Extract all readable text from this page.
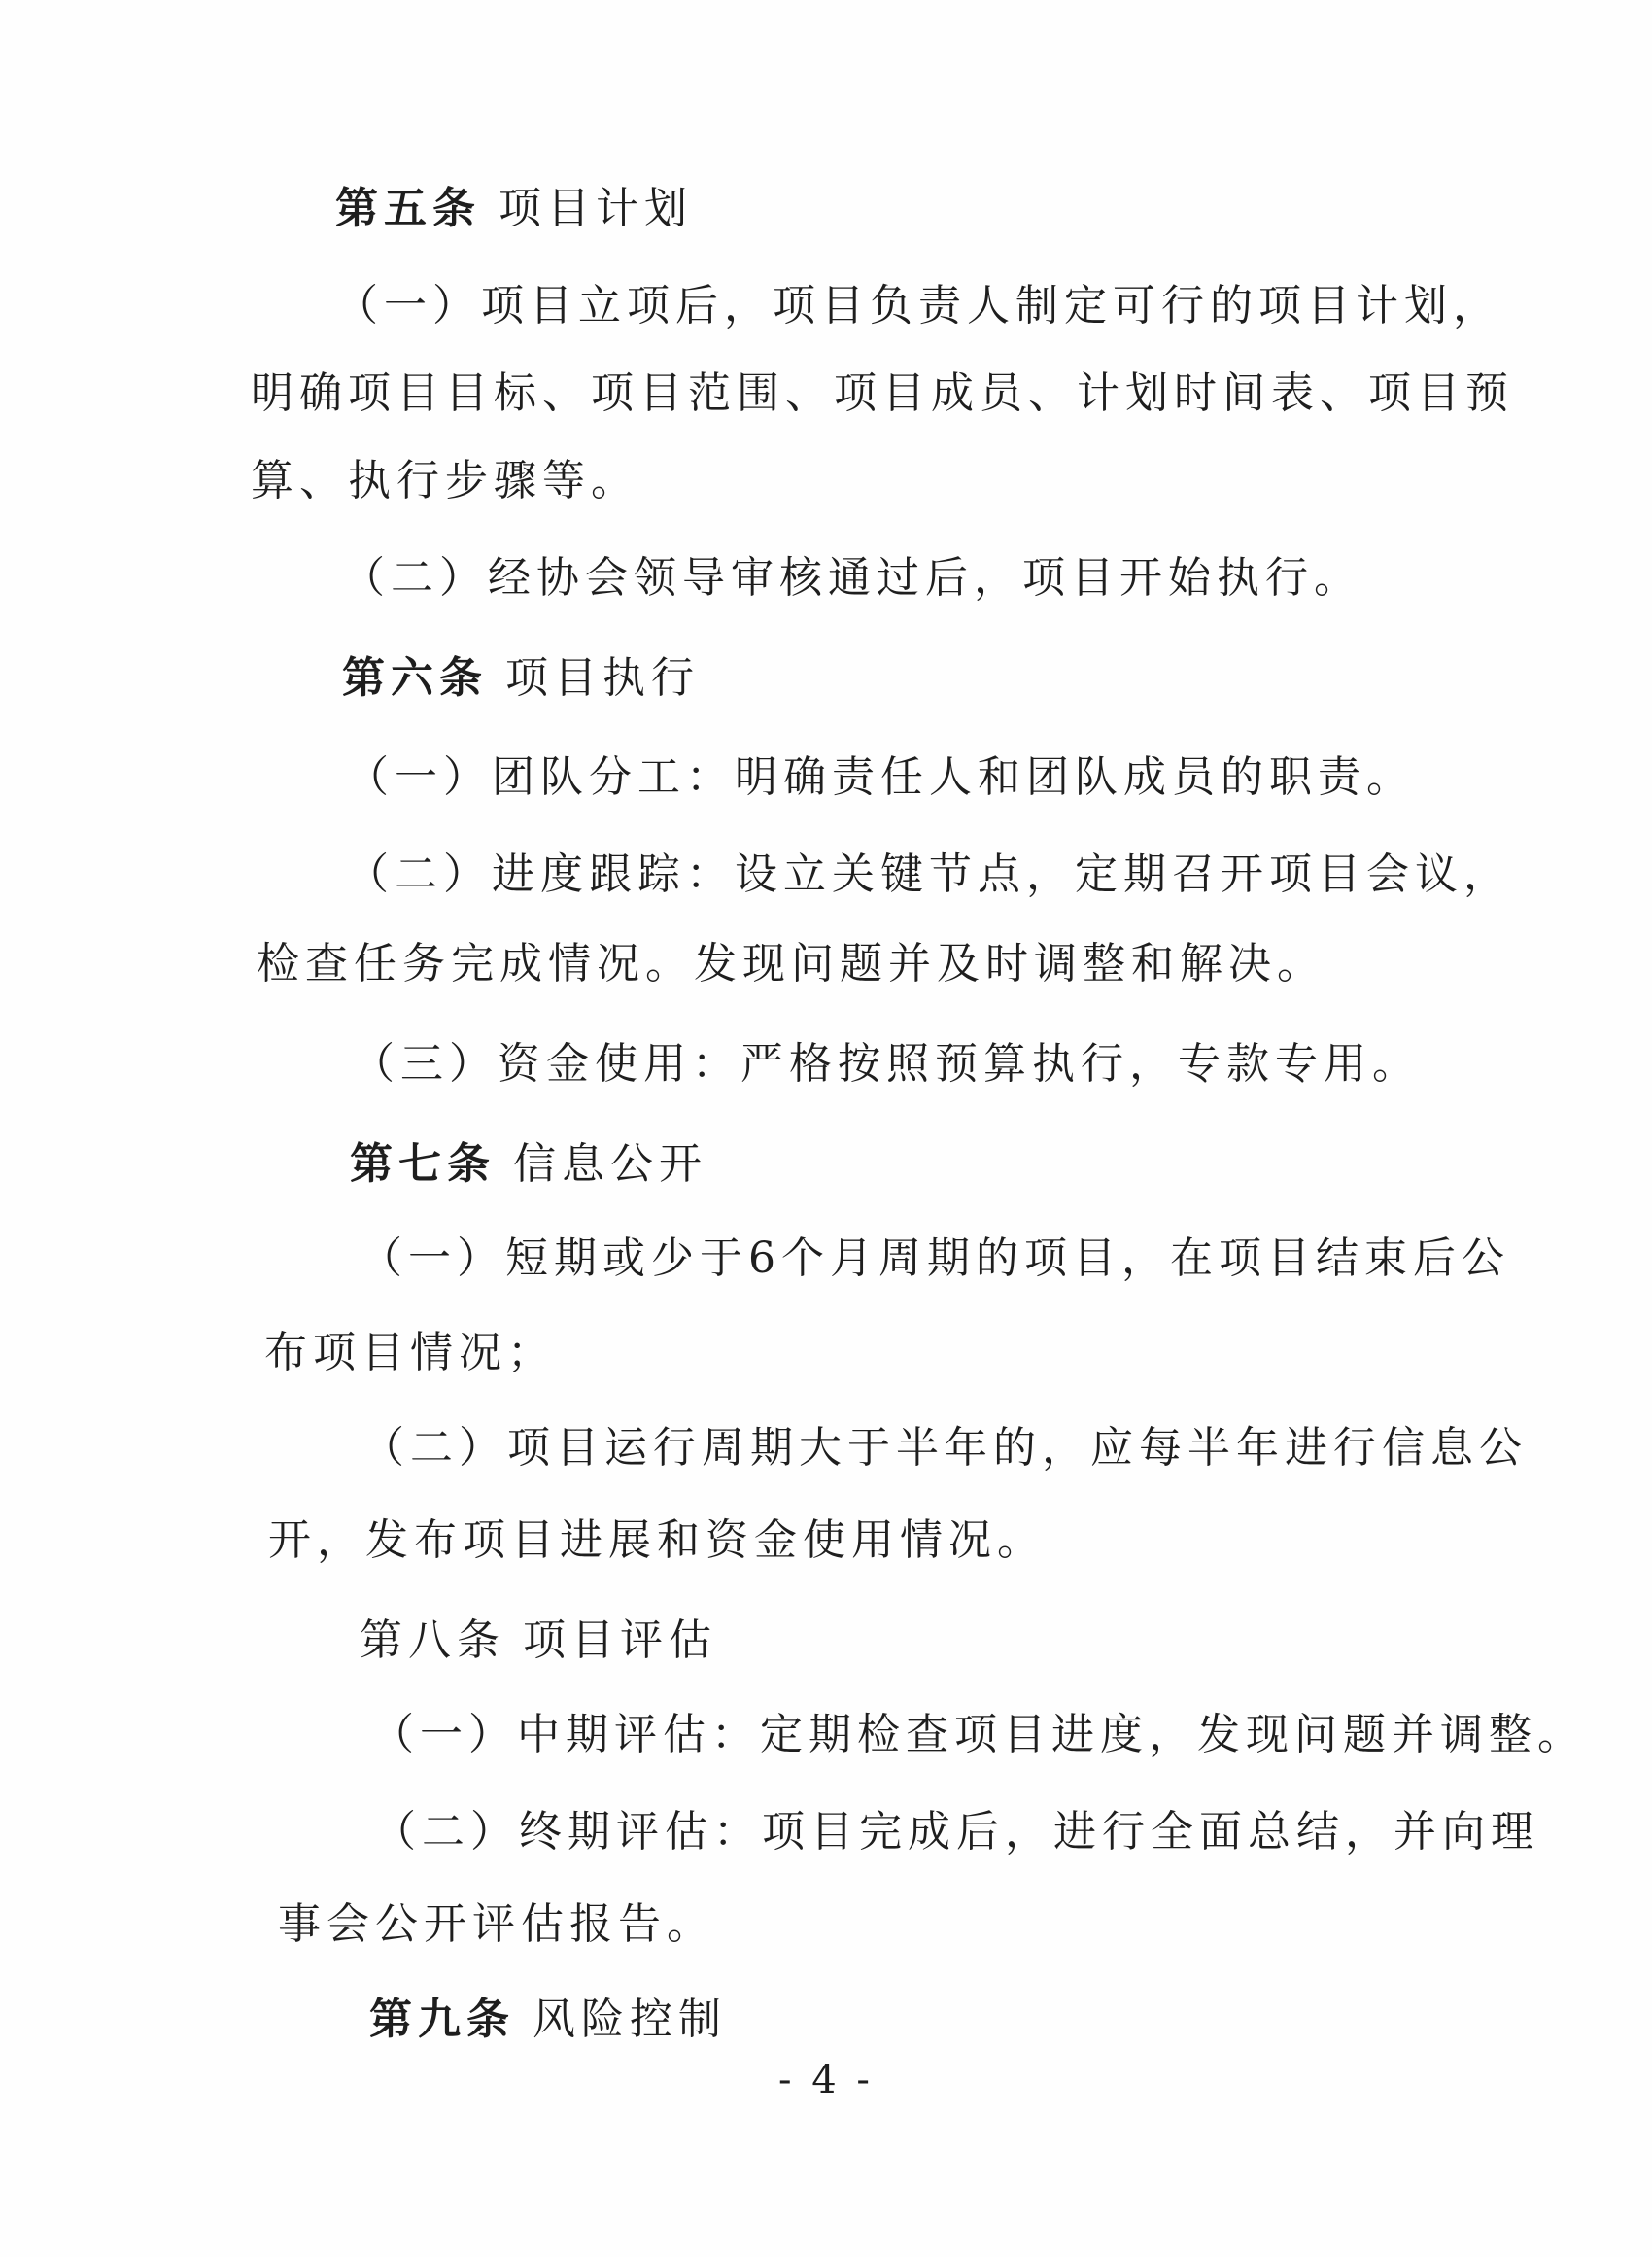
第五条 项目计划
（一）项目立项后，项目负责人制定可行的项目计划，
明确项目目标、项目范围、项目成员、计划时间表、项目预
算、执行步骤等。
（二）经协会领导审核通过后，项目开始执行。
第六条 项目执行
（一）团队分工：明确责任人和团队成员的职责。
（二）进度跟踪：设立关键节点，定期召开项目会议，
检查任务完成情况。发现问题并及时调整和解决。
（三）资金使用：严格按照预算执行，专款专用。
第七条 信息公开
（一）短期或少于6个月周期的项目，在项目结束后公
布项目情况；
（二）项目运行周期大于半年的，应每半年进行信息公
开，发布项目进展和资金使用情况。
第八条 项目评估
（一）中期评估：定期检查项目进度，发现问题并调整。
（二）终期评估：项目完成后，进行全面总结，并向理
事会公开评估报告。
第九条 风险控制
- 4 -
